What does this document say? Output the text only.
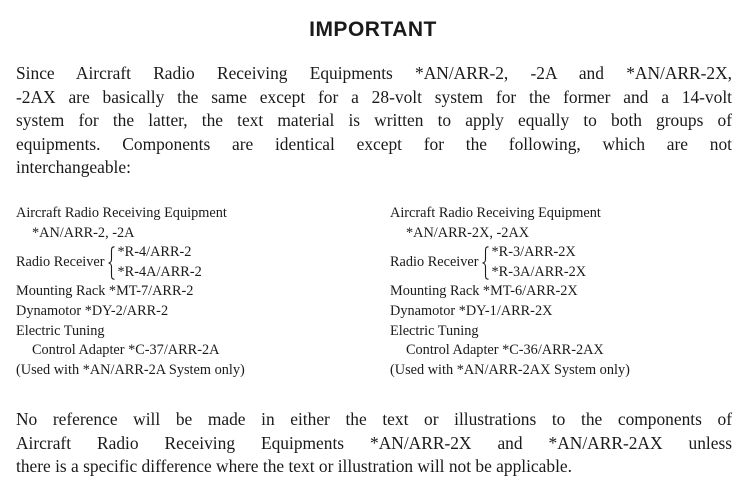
IMPORTANT
Since Aircraft Radio Receiving Equipments *AN/ARR-2, -2A and *AN/ARR-2X,
-2AX are basically the same except for a 28-volt system for the former and a 14-volt
system for the latter, the text material is written to apply equally to both groups of
equipments. Components are identical except for the following, which are not
interchangeable:
Aircraft Radio Receiving Equipment
*AN/ARR-2, -2A
Radio Receiver
*R-4/ARR-2
*R-4A/ARR-2
Mounting Rack *MT-7/ARR-2
Dynamotor *DY-2/ARR-2
Electric Tuning
Control Adapter *C-37/ARR-2A
(Used with *AN/ARR-2A System only)
Aircraft Radio Receiving Equipment
*AN/ARR-2X, -2AX
Radio Receiver
*R-3/ARR-2X
*R-3A/ARR-2X
Mounting Rack *MT-6/ARR-2X
Dynamotor *DY-1/ARR-2X
Electric Tuning
Control Adapter *C-36/ARR-2AX
(Used with *AN/ARR-2AX System only)
No reference will be made in either the text or illustrations to the components of
Aircraft Radio Receiving Equipments *AN/ARR-2X and *AN/ARR-2AX unless
there is a specific difference where the text or illustration will not be applicable.
